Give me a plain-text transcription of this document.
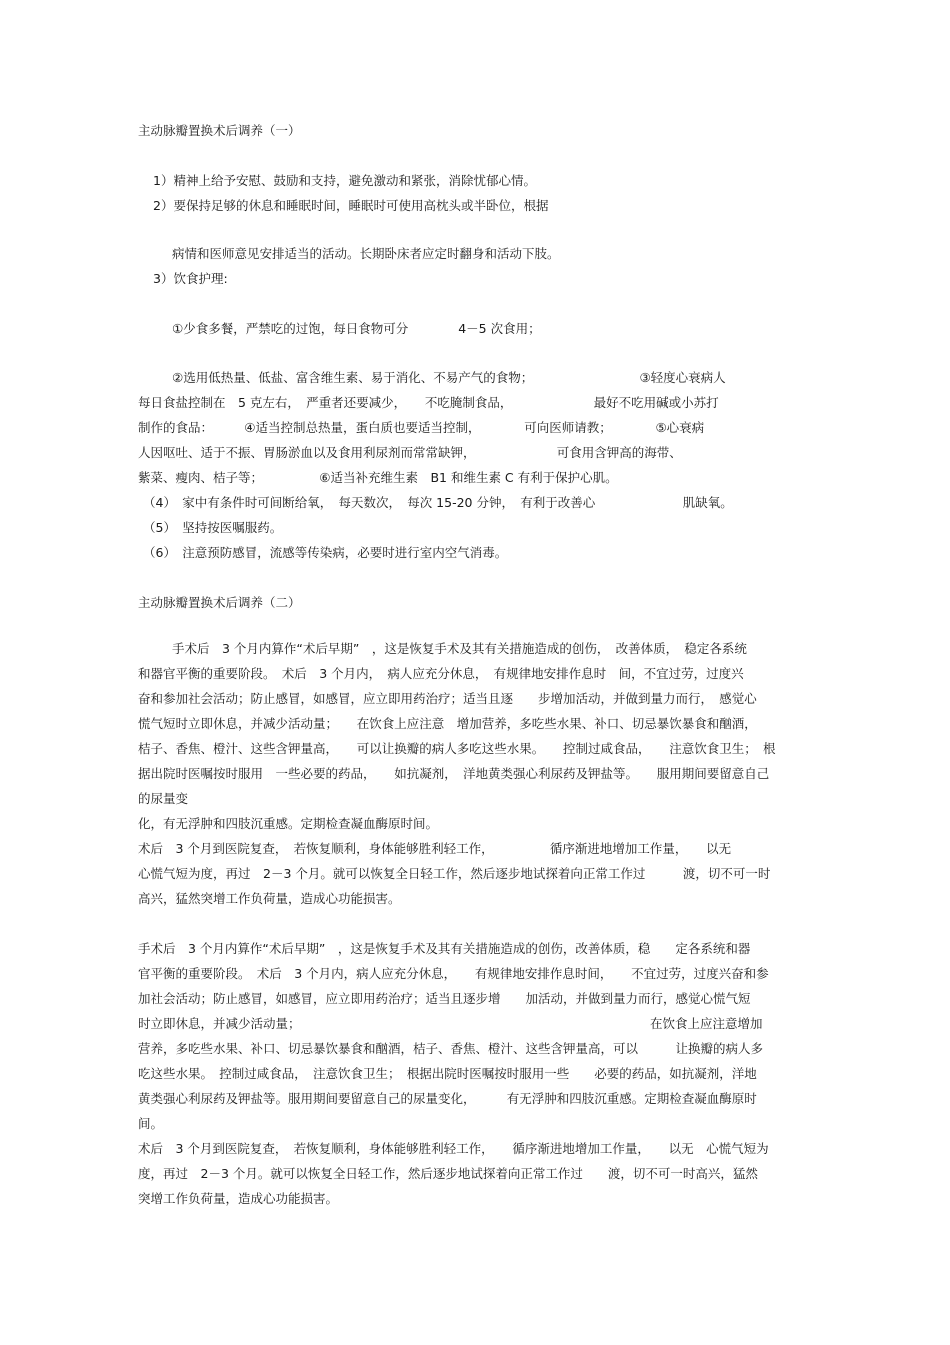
主动脉瓣置换术后调养（一）
1）精神上给予安慰、鼓励和支持，避免激动和紧张，消除忧郁心情。
2）要保持足够的休息和睡眠时间，睡眠时可使用高枕头或半卧位，根据
病情和医师意见安排适当的活动。长期卧床者应定时翻身和活动下肢。
3）饮食护理:
①少食多餐，严禁吃的过饱，每日食物可分　　　　4－5 次食用；
②选用低热量、低盐、富含维生素、易于消化、不易产气的食物；　　　　　　　　　③轻度心衰病人
每日食盐控制在　5 克左右，　严重者还要减少，　　不吃腌制食品，　　　　　　　最好不吃用碱或小苏打
制作的食品：　　　④适当控制总热量，蛋白质也要适当控制，　　　　可向医师请教；　　　　⑤心衰病
人因呕吐、适于不振、胃肠淤血以及食用利尿剂而常常缺钾，　　　　　　　可食用含钾高的海带、
紫菜、瘦肉、桔子等；　　　　　⑥适当补充维生素　B1 和维生素 C 有利于保护心肌。
（4）　家中有条件时可间断给氧，　每天数次，　每次 15-20 分钟，　有利于改善心　　　　　　　肌缺氧。
（5）　坚持按医嘱服药。
（6）　注意预防感冒，流感等传染病，必要时进行室内空气消毒。
主动脉瓣置换术后调养（二）
手术后　3 个月内算作“术后早期”　，这是恢复手术及其有关措施造成的创伤，　改善体质，　稳定各系统
和器官平衡的重要阶段。　术后　3 个月内，　病人应充分休息，　有规律地安排作息时　间，不宜过劳，过度兴
奋和参加社会活动；防止感冒，如感冒，应立即用药治疗；适当且逐　　步增加活动，并做到量力而行，　感觉心
慌气短时立即休息，并减少活动量；　　在饮食上应注意　增加营养，多吃些水果、补口、切忌暴饮暴食和酗酒，
桔子、香焦、橙汁、这些含钾量高，　　可以让换瓣的病人多吃这些水果。　　控制过咸食品，　　注意饮食卫生；　根
据出院时医嘱按时服用　一些必要的药品，　　如抗凝剂，　洋地黄类强心利尿药及钾盐等。　　服用期间要留意自己
的尿量变
化，有无浮肿和四肢沉重感。定期检查凝血酶原时间。
术后　3 个月到医院复查，　若恢复顺利，身体能够胜利轻工作，　　　　　循序渐进地增加工作量，　　以无
心慌气短为度，再过　2－3 个月。就可以恢复全日轻工作，然后逐步地试探着向正常工作过　　　渡，切不可一时
高兴，猛然突增工作负荷量，造成心功能损害。
手术后　3 个月内算作“术后早期”　，这是恢复手术及其有关措施造成的创伤，改善体质，稳　　定各系统和器
官平衡的重要阶段。　术后　3 个月内，病人应充分休息，　　有规律地安排作息时间，　　不宜过劳，过度兴奋和参
加社会活动；防止感冒，如感冒，应立即用药治疗；适当且逐步增　　加活动，并做到量力而行，感觉心慌气短
时立即休息，并减少活动量；	在饮食上应注意增加
营养，多吃些水果、补口、切忌暴饮暴食和酗酒，桔子、香焦、橙汁、这些含钾量高，可以　　　让换瓣的病人多
吃这些水果。　控制过咸食品，　注意饮食卫生；　根据出院时医嘱按时服用一些　　必要的药品，如抗凝剂，洋地
黄类强心利尿药及钾盐等。服用期间要留意自己的尿量变化，　　　有无浮肿和四肢沉重感。定期检查凝血酶原时
间。
术后　3 个月到医院复查，　若恢复顺利，身体能够胜利轻工作，　　循序渐进地增加工作量，　　以无　心慌气短为
度，再过　2－3 个月。就可以恢复全日轻工作，然后逐步地试探着向正常工作过　　渡，切不可一时高兴，猛然
突增工作负荷量，造成心功能损害。
